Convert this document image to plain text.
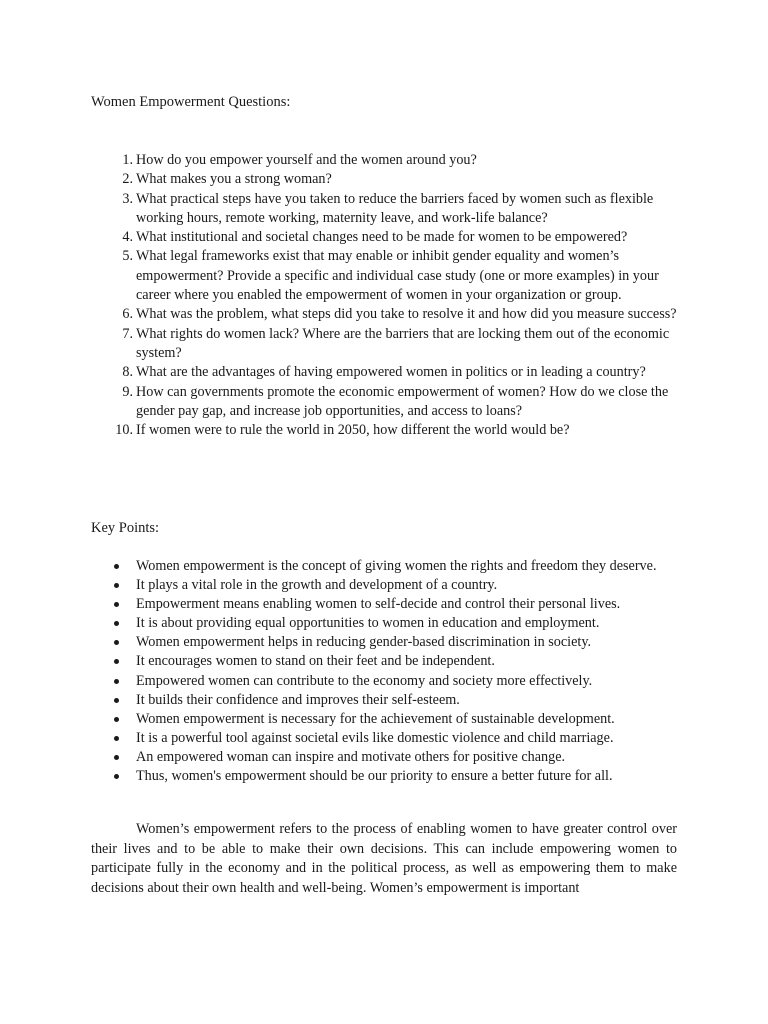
Women Empowerment Questions:
1. How do you empower yourself and the women around you?
2. What makes you a strong woman?
3. What practical steps have you taken to reduce the barriers faced by women such as flexible working hours, remote working, maternity leave, and work-life balance?
4. What institutional and societal changes need to be made for women to be empowered?
5. What legal frameworks exist that may enable or inhibit gender equality and women’s empowerment? Provide a specific and individual case study (one or more examples) in your career where you enabled the empowerment of women in your organization or group.
6. What was the problem, what steps did you take to resolve it and how did you measure success?
7. What rights do women lack? Where are the barriers that are locking them out of the economic system?
8. What are the advantages of having empowered women in politics or in leading a country?
9. How can governments promote the economic empowerment of women? How do we close the gender pay gap, and increase job opportunities, and access to loans?
10. If women were to rule the world in 2050, how different the world would be?
Key Points:
Women empowerment is the concept of giving women the rights and freedom they deserve.
It plays a vital role in the growth and development of a country.
Empowerment means enabling women to self-decide and control their personal lives.
It is about providing equal opportunities to women in education and employment.
Women empowerment helps in reducing gender-based discrimination in society.
It encourages women to stand on their feet and be independent.
Empowered women can contribute to the economy and society more effectively.
It builds their confidence and improves their self-esteem.
Women empowerment is necessary for the achievement of sustainable development.
It is a powerful tool against societal evils like domestic violence and child marriage.
An empowered woman can inspire and motivate others for positive change.
Thus, women's empowerment should be our priority to ensure a better future for all.

Women’s empowerment refers to the process of enabling women to have greater control over their lives and to be able to make their own decisions. This can include empowering women to participate fully in the economy and in the political process, as well as empowering them to make decisions about their own health and well-being. Women’s empowerment is important
